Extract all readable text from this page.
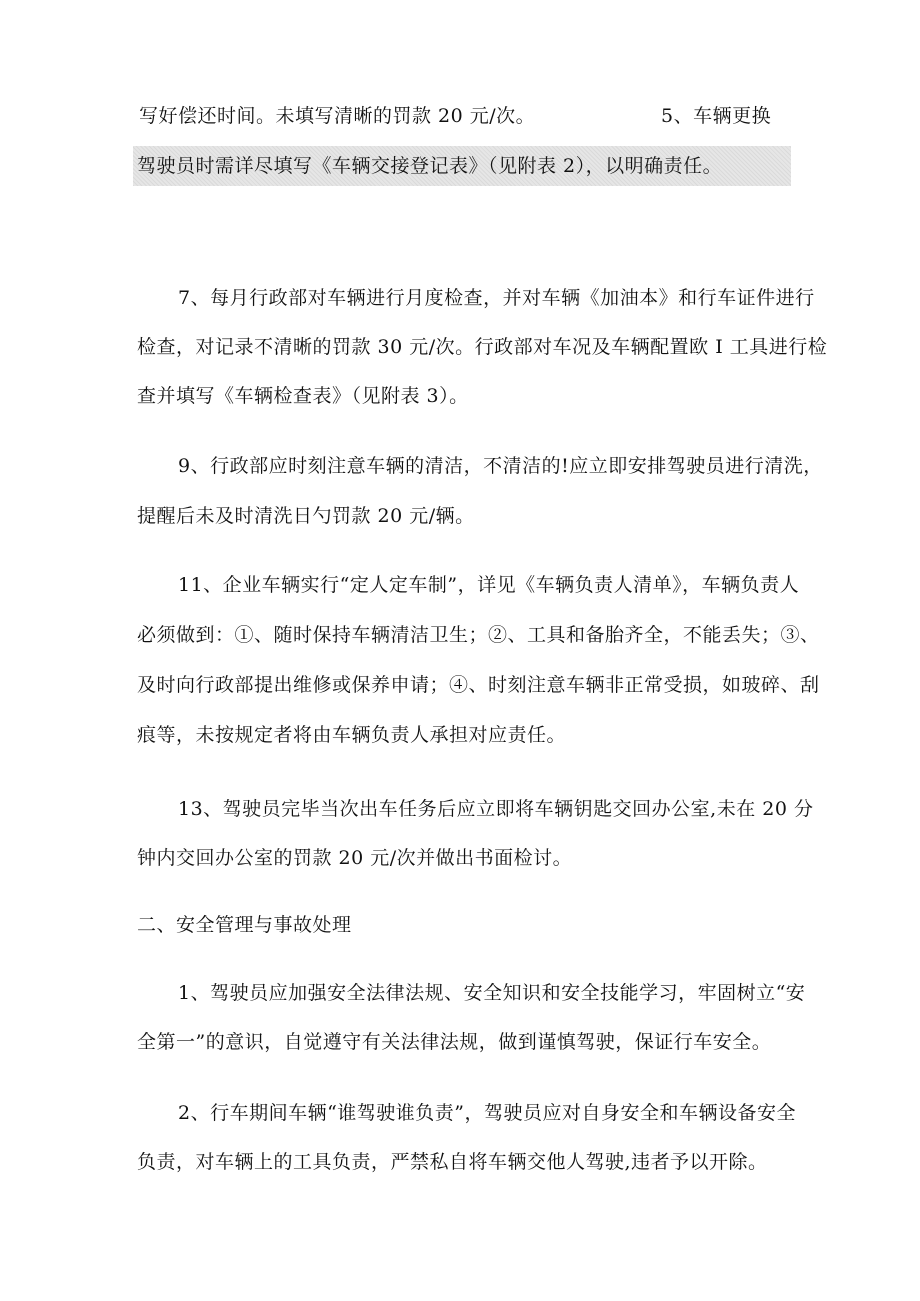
写好偿还时间。未填写清晰的罚款 20 元/次。	5、车辆更换
驾驶员时需详尽填写《车辆交接登记表》（见附表 2），以明确责任。
7、每月行政部对车辆进行月度检查，并对车辆《加油本》和行车证件进行
检查，对记录不清晰的罚款 30 元/次。行政部对车况及车辆配置欧 I 工具进行检
查并填写《车辆检查表》（见附表 3）。
9、行政部应时刻注意车辆的清洁，不清洁的!应立即安排驾驶员进行清洗，
提醒后未及时清洗日勺罚款 20 元/辆。
11、企业车辆实行“定人定车制”，详见《车辆负责人清单》，车辆负责人
必须做到：①、随时保持车辆清洁卫生；②、工具和备胎齐全，不能丢失；③、
及时向行政部提出维修或保养申请；④、时刻注意车辆非正常受损，如玻碎、刮
痕等，未按规定者将由车辆负责人承担对应责任。
13、驾驶员完毕当次出车任务后应立即将车辆钥匙交回办公室,未在 20 分
钟内交回办公室的罚款 20 元/次并做出书面检讨。
二、安全管理与事故处理
1、驾驶员应加强安全法律法规、安全知识和安全技能学习，牢固树立“安
全第一”的意识，自觉遵守有关法律法规，做到谨慎驾驶，保证行车安全。
2、行车期间车辆“谁驾驶谁负责”，驾驶员应对自身安全和车辆设备安全
负责，对车辆上的工具负责，严禁私自将车辆交他人驾驶,违者予以开除。
